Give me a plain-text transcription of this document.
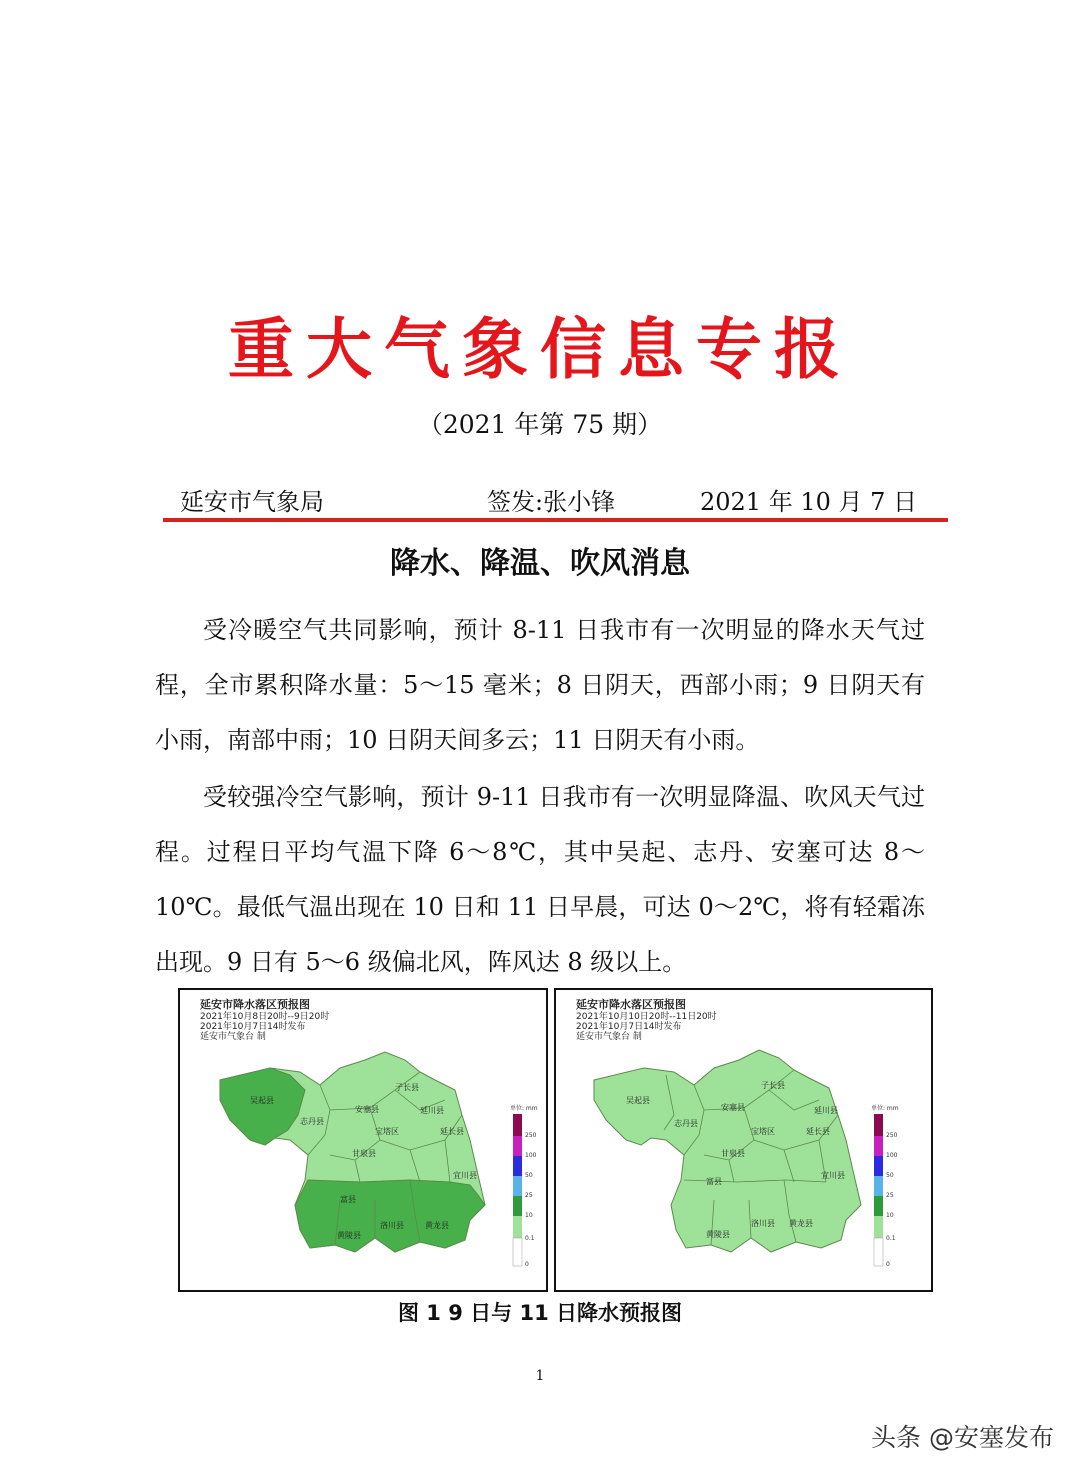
重大气象信息专报
（2021 年第 75 期）
延安市气象局	签发:张小锋	2021 年 10 月 7 日
降水、降温、吹风消息
受冷暖空气共同影响，预计 8-11 日我市有一次明显的降水天气过程，全市累积降水量：5～15 毫米；8 日阴天，西部小雨；9 日阴天有小雨，南部中雨；10 日阴天间多云；11 日阴天有小雨。
受较强冷空气影响，预计 9-11 日我市有一次明显降温、吹风天气过程。过程日平均气温下降 6～8℃，其中吴起、志丹、安塞可达 8～10℃。最低气温出现在 10 日和 11 日早晨，可达 0～2℃，将有轻霜冻出现。9 日有 5～6 级偏北风，阵风达 8 级以上。
单位: mm
250
100
50
25
10
0.1
0
子长县
吴起县
安塞县	延川县
志丹县
宝塔区	延长县
甘泉县
宜川县
富县
洛川县	黄龙县
黄陵县
延安市降水落区预报图
2021年10月8日20时--9日20时
2021年10月7日14时发布
延安市气象台 制
单位: mm
250
100
50
25
10
0.1
0
子长县
吴起县
安塞县	延川县
志丹县
宝塔区	延长县
甘泉县
宜川县
富县
洛川县 黄龙县
黄陵县
延安市降水落区预报图
2021年10月10日20时--11日20时
2021年10月7日14时发布
延安市气象台 制
图 1 9 日与 11 日降水预报图
1
头条 @安塞发布
